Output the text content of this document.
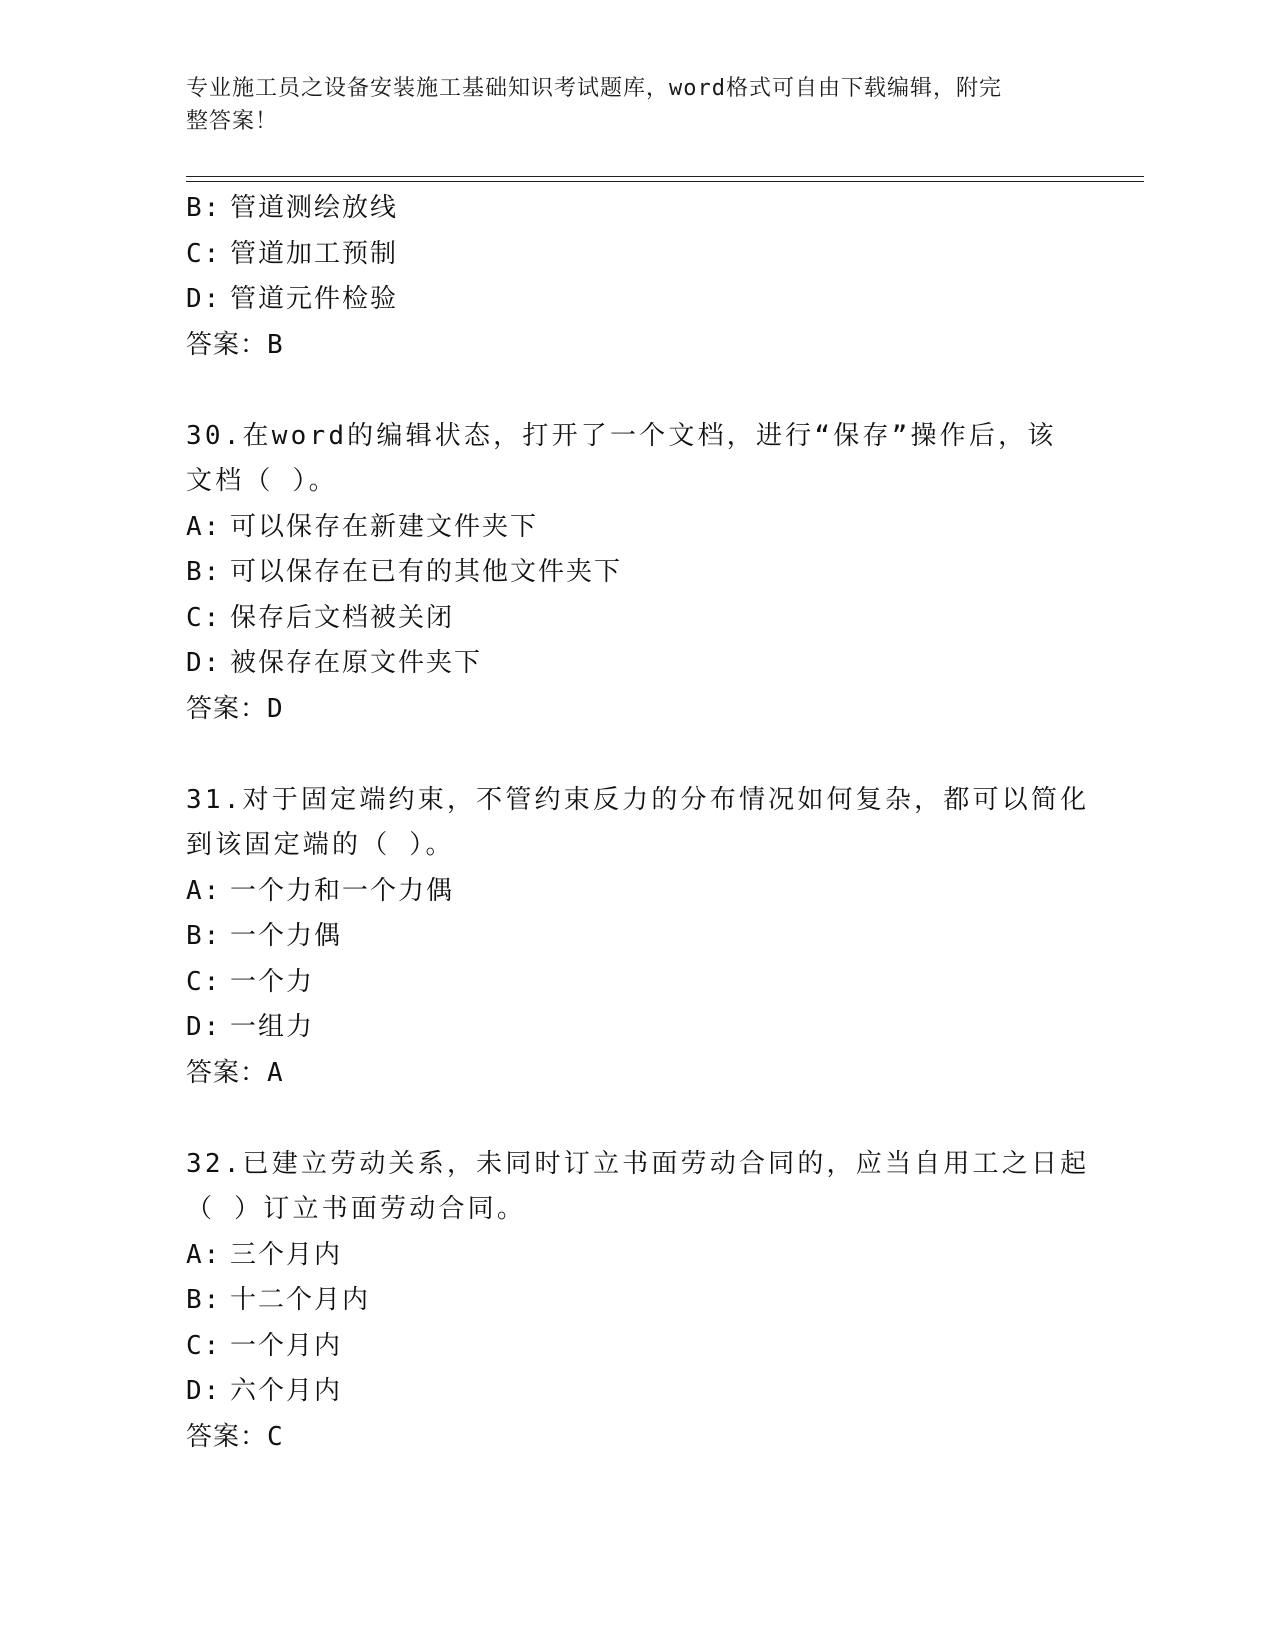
专业施工员之设备安装施工基础知识考试题库，word格式可自由下载编辑，附完
整答案！
B: 管道测绘放线
C: 管道加工预制
D: 管道元件检验
答案：B
30.在word的编辑状态，打开了一个文档，进行“保存”操作后，该
文档（ ）。
A: 可以保存在新建文件夹下
B: 可以保存在已有的其他文件夹下
C: 保存后文档被关闭
D: 被保存在原文件夹下
答案：D
31.对于固定端约束，不管约束反力的分布情况如何复杂，都可以简化
到该固定端的（ ）。
A: 一个力和一个力偶
B: 一个力偶
C: 一个力
D: 一组力
答案：A
32.已建立劳动关系，未同时订立书面劳动合同的，应当自用工之日起
（ ）订立书面劳动合同。
A: 三个月内
B: 十二个月内
C: 一个月内
D: 六个月内
答案：C
